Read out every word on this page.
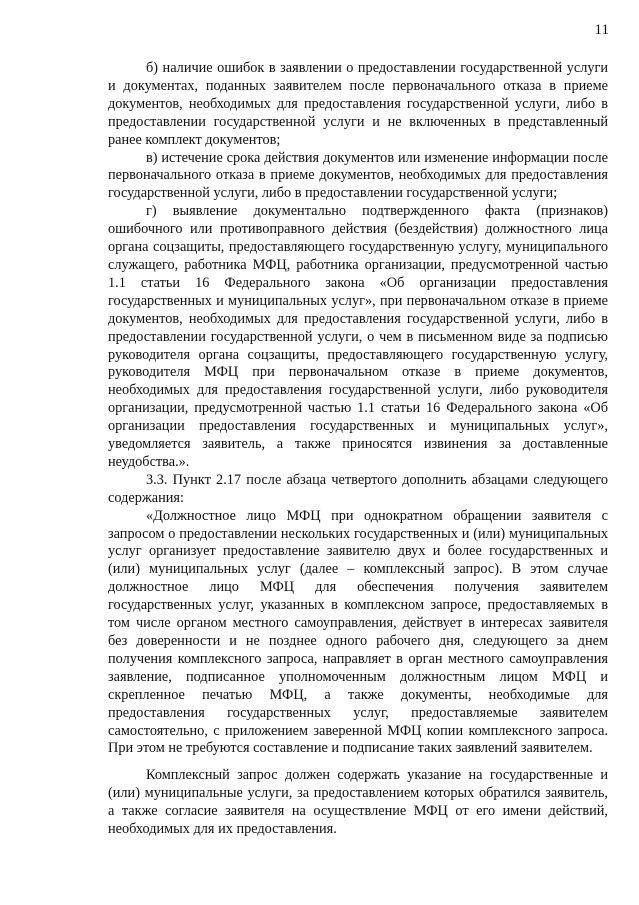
11

б) наличие ошибок в заявлении о предоставлении государственной услуги и документах, поданных заявителем после первоначального отказа в приеме документов, необходимых для предоставления государственной услуги, либо в предоставлении государственной услуги и не включенных в представленный ранее комплект документов;

в) истечение срока действия документов или изменение информации после первоначального отказа в приеме документов, необходимых для предоставления государственной услуги, либо в предоставлении государственной услуги;

г) выявление документально подтвержденного факта (признаков) ошибочного или противоправного действия (бездействия) должностного лица органа соцзащиты, предоставляющего государственную услугу, муниципального служащего, работника МФЦ, работника организации, предусмотренной частью 1.1 статьи 16 Федерального закона «Об организации предоставления государственных и муниципальных услуг», при первоначальном отказе в приеме документов, необходимых для предоставления государственной услуги, либо в предоставлении государственной услуги, о чем в письменном виде за подписью руководителя органа соцзащиты, предоставляющего государственную услугу, руководителя МФЦ при первоначальном отказе в приеме документов, необходимых для предоставления государственной услуги, либо руководителя организации, предусмотренной частью 1.1 статьи 16 Федерального закона «Об организации предоставления государственных и муниципальных услуг», уведомляется заявитель, а также приносятся извинения за доставленные неудобства.».

3.3. Пункт 2.17 после абзаца четвертого дополнить абзацами следующего содержания:

«Должностное лицо МФЦ при однократном обращении заявителя с запросом о предоставлении нескольких государственных и (или) муниципальных услуг организует предоставление заявителю двух и более государственных и (или) муниципальных услуг (далее – комплексный запрос). В этом случае должностное лицо МФЦ для обеспечения получения заявителем государственных услуг, указанных в комплексном запросе, предоставляемых в том числе органом местного самоуправления, действует в интересах заявителя без доверенности и не позднее одного рабочего дня, следующего за днем получения комплексного запроса, направляет в орган местного самоуправления заявление, подписанное уполномоченным должностным лицом МФЦ и скрепленное печатью МФЦ, а также документы, необходимые для предоставления государственных услуг, предоставляемые заявителем самостоятельно, с приложением заверенной МФЦ копии комплексного запроса. При этом не требуются составление и подписание таких заявлений заявителем.

Комплексный запрос должен содержать указание на государственные и (или) муниципальные услуги, за предоставлением которых обратился заявитель, а также согласие заявителя на осуществление МФЦ от его имени действий, необходимых для их предоставления.
